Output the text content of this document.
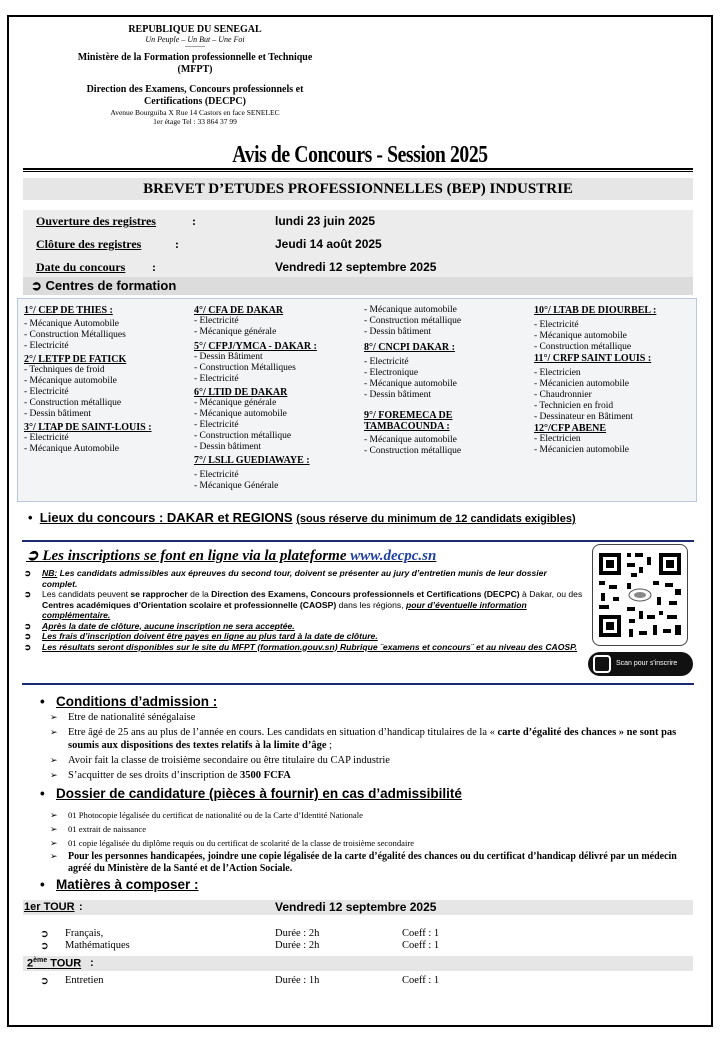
REPUBLIQUE DU SENEGAL
Un Peuple – Un But – Une Foi
----------
Ministère de la Formation professionnelle et Technique (MFPT)
Direction des Examens, Concours professionnels et Certifications (DECPC)
Avenue Bourguiba X Rue 14 Castors en face SENELEC
1er étage Tel : 33 864 37 99
Avis de Concours - Session 2025
BREVET D’ETUDES PROFESSIONNELLES (BEP) INDUSTRIE
Ouverture des registres	:	lundi 23 juin 2025
Clôture des registres	:	Jeudi 14 août 2025
Date du concours :	Vendredi 12 septembre 2025
➲ Centres de formation
1°/ CEP DE THIES :
- Mécanique Automobile
- Construction Métalliques
- Electricité
2°/ LETFP DE FATICK
- Techniques de froid
- Mécanique automobile
- Electricité
- Construction métallique
- Dessin bâtiment
3°/ LTAP DE SAINT-LOUIS :
- Electricité
- Mécanique Automobile
4°/ CFA DE DAKAR
- Electricité
- Mécanique générale
5°/ CFPJ/YMCA - DAKAR :
- Dessin Bâtiment
- Construction Métalliques
- Electricité
6°/ LTID DE DAKAR
- Mécanique générale
- Mécanique automobile
- Electricité
- Construction métallique
- Dessin bâtiment
7°/ LSLL GUEDIAWAYE :
- Electricité
- Mécanique Générale
- Mécanique automobile
- Construction métallique
- Dessin bâtiment
8°/ CNCPI DAKAR :
- Electricité
- Electronique
- Mécanique automobile
- Dessin bâtiment
9°/ FOREMECA DE TAMBACOUNDA :
- Mécanique automobile
- Construction métallique
10°/ LTAB DE DIOURBEL :
- Electricité
- Mécanique automobile
- Construction métallique
11°/ CRFP SAINT LOUIS :
- Electricien
- Mécanicien automobile
- Chaudronnier
- Technicien en froid
- Dessinateur en Bâtiment
12°/CFP ABENE
- Electricien
- Mécanicien automobile
• Lieux du concours : DAKAR et REGIONS (sous réserve du minimum de 12 candidats exigibles)
➲ Les inscriptions se font en ligne via la plateforme www.decpc.sn
➲	NB: Les candidats admissibles aux épreuves du second tour, doivent se présenter au jury d’entretien munis de leur dossier complet.
➲	Les candidats peuvent se rapprocher de la Direction des Examens, Concours professionnels et Certifications (DECPC) à Dakar, ou des Centres académiques d’Orientation scolaire et professionnelle (CAOSP) dans les régions, pour d’éventuelle information complémentaire.
➲	Après la date de clôture, aucune inscription ne sera acceptée.
➲	Les frais d’inscription doivent être payes en ligne au plus tard à la date de clôture.
➲	Les résultats seront disponibles sur le site du MFPT (formation.gouv.sn) Rubrique ¨examens et concours¨ et au niveau des CAOSP.
Scan pour s'inscrire
• Conditions d’admission :
➢ Etre de nationalité sénégalaise
➢ Etre âgé de 25 ans au plus de l’année en cours. Les candidats en situation d’handicap titulaires de la « carte d’égalité des chances » ne sont pas soumis aux dispositions des textes relatifs à la limite d’âge ;
➢ Avoir fait la classe de troisième secondaire ou être titulaire du CAP industrie
➢ S’acquitter de ses droits d’inscription de 3500 FCFA
• Dossier de candidature (pièces à fournir) en cas d’admissibilité
➢	01 Photocopie légalisée du certificat de nationalité ou de la Carte d’Identité Nationale
➢	01 extrait de naissance
➢	01 copie légalisée du diplôme requis ou du certificat de scolarité de la classe de troisième secondaire
➢	Pour les personnes handicapées, joindre une copie légalisée de la carte d’égalité des chances ou du certificat d’handicap délivré par un médecin agréé du Ministère de la Santé et de l’Action Sociale.
• Matières à composer :
1er TOUR :	Vendredi 12 septembre 2025
➲ Français,	Durée : 2h	Coeff : 1
➲ Mathématiques	Durée : 2h	Coeff : 1
2ème TOUR :
➲ Entretien	Durée : 1h	Coeff : 1
